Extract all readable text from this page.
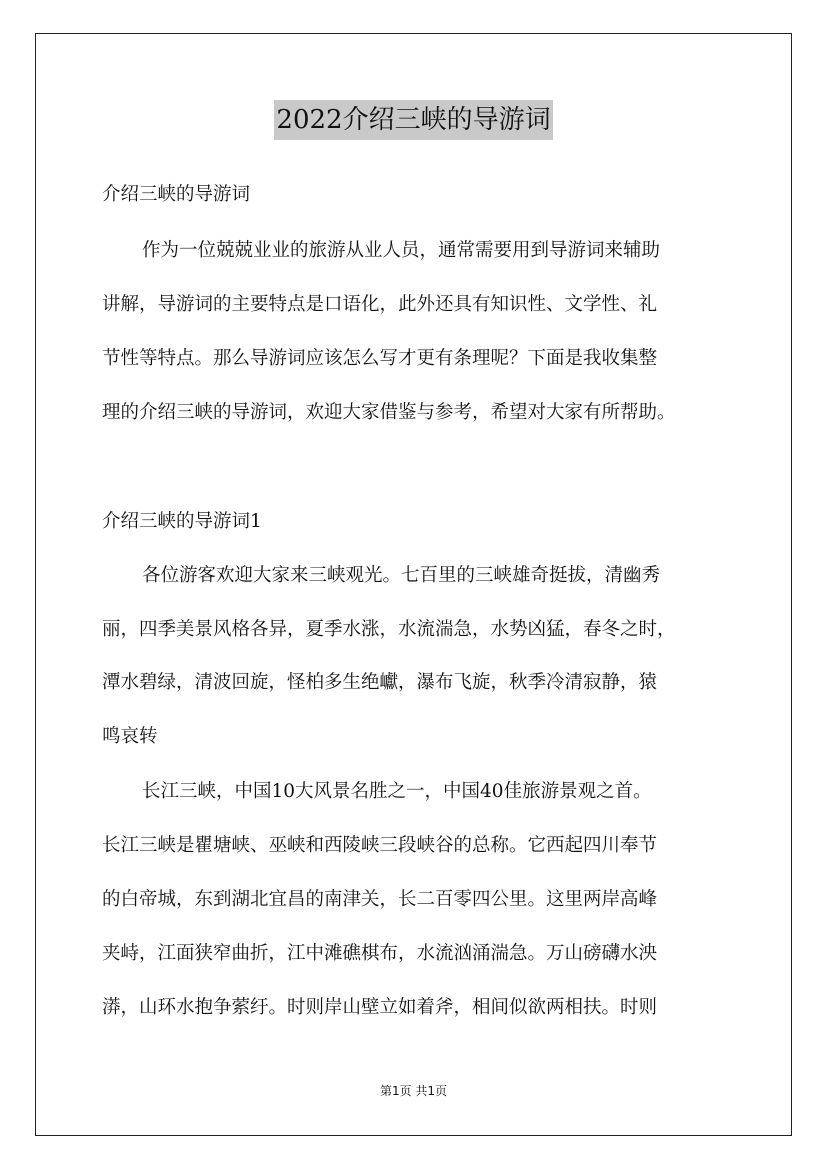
2022介绍三峡的导游词

介绍三峡的导游词

作为一位兢兢业业的旅游从业人员，通常需要用到导游词来辅助

讲解，导游词的主要特点是口语化，此外还具有知识性、文学性、礼

节性等特点。那么导游词应该怎么写才更有条理呢？下面是我收集整

理的介绍三峡的导游词，欢迎大家借鉴与参考，希望对大家有所帮助。

介绍三峡的导游词1

各位游客欢迎大家来三峡观光。七百里的三峡雄奇挺拔，清幽秀

丽，四季美景风格各异，夏季水涨，水流湍急，水势凶猛，春冬之时，

潭水碧绿，清波回旋，怪柏多生绝巘，瀑布飞旋，秋季冷清寂静，猿

鸣哀转

长江三峡，中国10大风景名胜之一，中国40佳旅游景观之首。

长江三峡是瞿塘峡、巫峡和西陵峡三段峡谷的总称。它西起四川奉节

的白帝城，东到湖北宜昌的南津关，长二百零四公里。这里两岸高峰

夹峙，江面狭窄曲折，江中滩礁棋布，水流汹涌湍急。万山磅礴水泱

漭，山环水抱争萦纡。时则岸山壁立如着斧，相间似欲两相扶。时则

第1页 共1页
